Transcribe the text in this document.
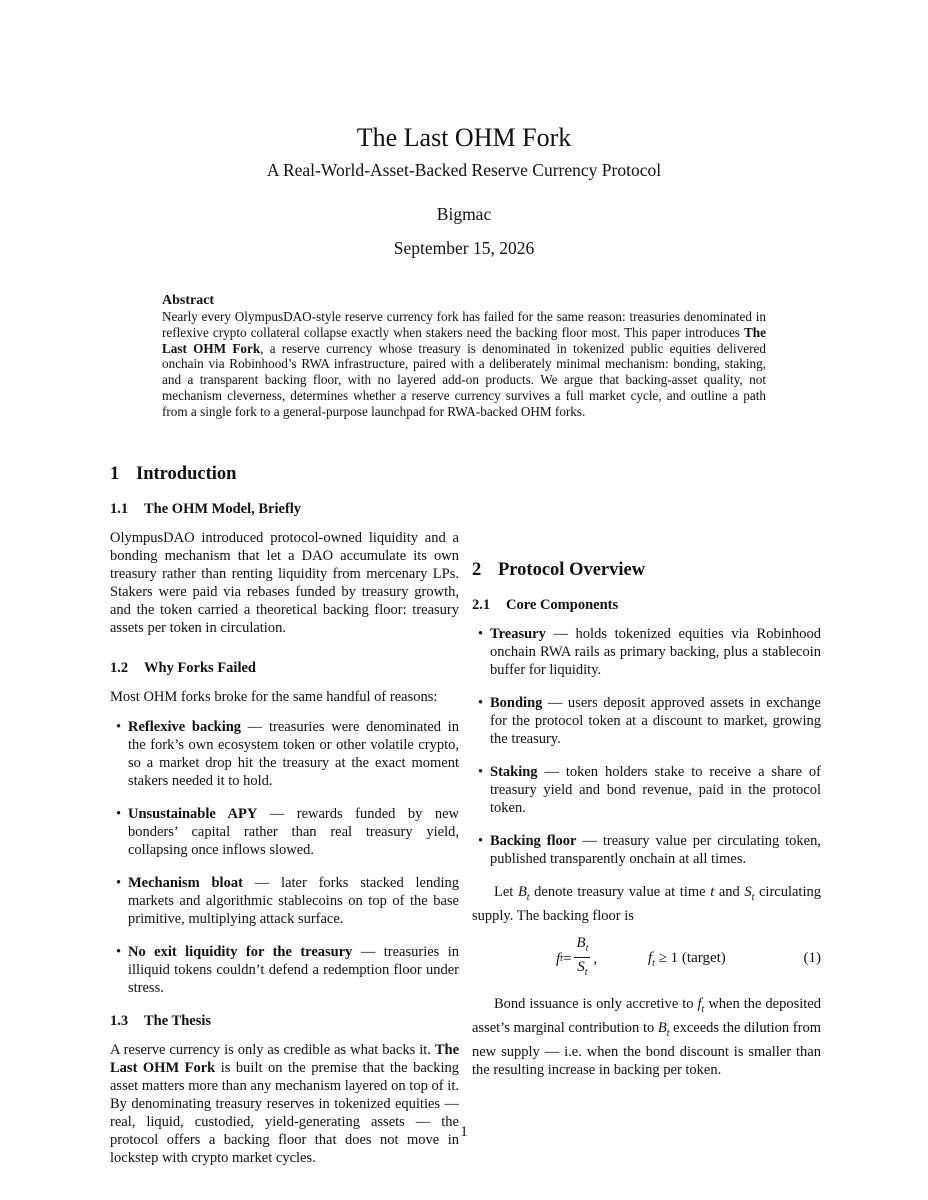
The Last OHM Fork
A Real-World-Asset-Backed Reserve Currency Protocol
Bigmac
September 15, 2026
Abstract
Nearly every OlympusDAO-style reserve currency fork has failed for the same reason: treasuries denominated in reflexive crypto collateral collapse exactly when stakers need the backing floor most. This paper introduces The Last OHM Fork, a reserve currency whose treasury is denominated in tokenized public equities delivered onchain via Robinhood’s RWA infrastructure, paired with a deliberately minimal mechanism: bonding, staking, and a transparent backing floor, with no layered add-on products. We argue that backing-asset quality, not mechanism cleverness, determines whether a reserve currency survives a full market cycle, and outline a path from a single fork to a general-purpose launchpad for RWA-backed OHM forks.
1 Introduction
1.1 The OHM Model, Briefly

OlympusDAO introduced protocol-owned liquidity and a bonding mechanism that let a DAO accumulate its own treasury rather than renting liquidity from mercenary LPs. Stakers were paid via rebases funded by treasury growth, and the token carried a theoretical backing floor: treasury assets per token in circulation.

1.2 Why Forks Failed

Most OHM forks broke for the same handful of reasons:

• Reflexive backing — treasuries were denominated in the fork’s own ecosystem token or other volatile crypto, so a market drop hit the treasury at the exact moment stakers needed it to hold.
• Unsustainable APY — rewards funded by new bonders’ capital rather than real treasury yield, collapsing once inflows slowed.
• Mechanism bloat — later forks stacked lending markets and algorithmic stablecoins on top of the base primitive, multiplying attack surface.
• No exit liquidity for the treasury — treasuries in illiquid tokens couldn’t defend a redemption floor under stress.
1.3 The Thesis

A reserve currency is only as credible as what backs it. The Last OHM Fork is built on the premise that the backing asset matters more than any mechanism layered on top of it. By denominating treasury reserves in tokenized equities — real, liquid, custodied, yield-generating assets — the protocol offers a backing floor that does not move in lockstep with crypto market cycles.

2 Protocol Overview
2.1 Core Components
• Treasury — holds tokenized equities via Robinhood onchain RWA rails as primary backing, plus a stablecoin buffer for liquidity.
• Bonding — users deposit approved assets in exchange for the protocol token at a discount to market, growing the treasury.
• Staking — token holders stake to receive a share of treasury yield and bond revenue, paid in the protocol token.
• Backing floor — treasury value per circulating token, published transparently onchain at all times.

Let $B_t$ denote treasury value at time t and $S_t$ circulating supply. The backing floor is

f $t = \frac{B_t}{S_t}$ ,	$f_t \ge 1$ (target)	(1)

Bond issuance is only accretive to $f_t$ when the deposited asset’s marginal contribution to $B_t$ exceeds the dilution from new supply — i.e. when the bond discount is smaller than the resulting increase in backing per token.

1
